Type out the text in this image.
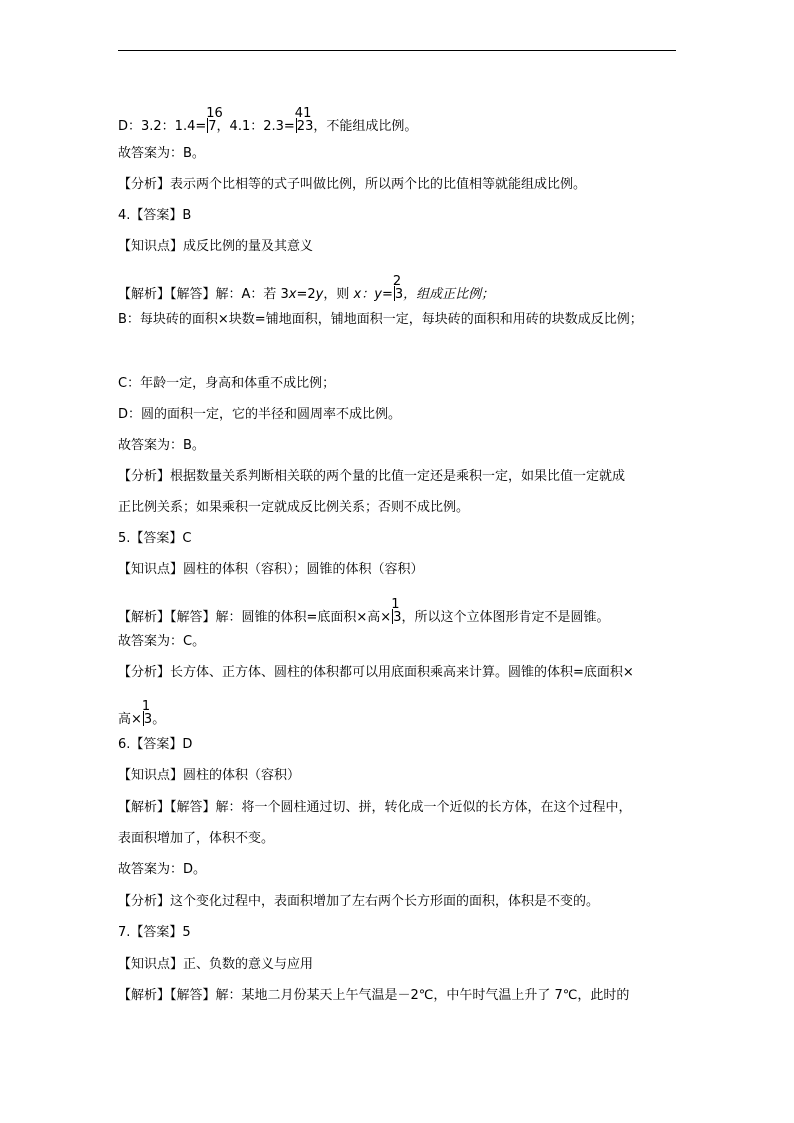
D：3.2：1.4=
16
7，4.1：2.3=
41
23，不能组成比例。
故答案为：B。
【分析】表示两个比相等的式子叫做比例，所以两个比的比值相等就能组成比例。
4.【答案】B
【知识点】成反比例的量及其意义
【解析】【解答】解：A：若 3x=2y，则 x：y=
2
3，组成正比例；
B：每块砖的面积×块数=铺地面积，铺地面积一定，每块砖的面积和用砖的块数成反比例；
C：年龄一定，身高和体重不成比例；
D：圆的面积一定，它的半径和圆周率不成比例。
故答案为：B。
【分析】根据数量关系判断相关联的两个量的比值一定还是乘积一定，如果比值一定就成
正比例关系；如果乘积一定就成反比例关系；否则不成比例。
5.【答案】C
【知识点】圆柱的体积（容积）；圆锥的体积（容积）
【解析】【解答】解：圆锥的体积=底面积×高×
1
3，所以这个立体图形肯定不是圆锥。
故答案为：C。
【分析】长方体、正方体、圆柱的体积都可以用底面积乘高来计算。圆锥的体积=底面积×
高×
1
3。
6.【答案】D
【知识点】圆柱的体积（容积）
【解析】【解答】解：将一个圆柱通过切、拼，转化成一个近似的长方体，在这个过程中，
表面积增加了，体积不变。
故答案为：D。
【分析】这个变化过程中，表面积增加了左右两个长方形面的面积，体积是不变的。
7.【答案】5
【知识点】正、负数的意义与应用
【解析】【解答】解：某地二月份某天上午气温是－2℃，中午时气温上升了 7℃，此时的
